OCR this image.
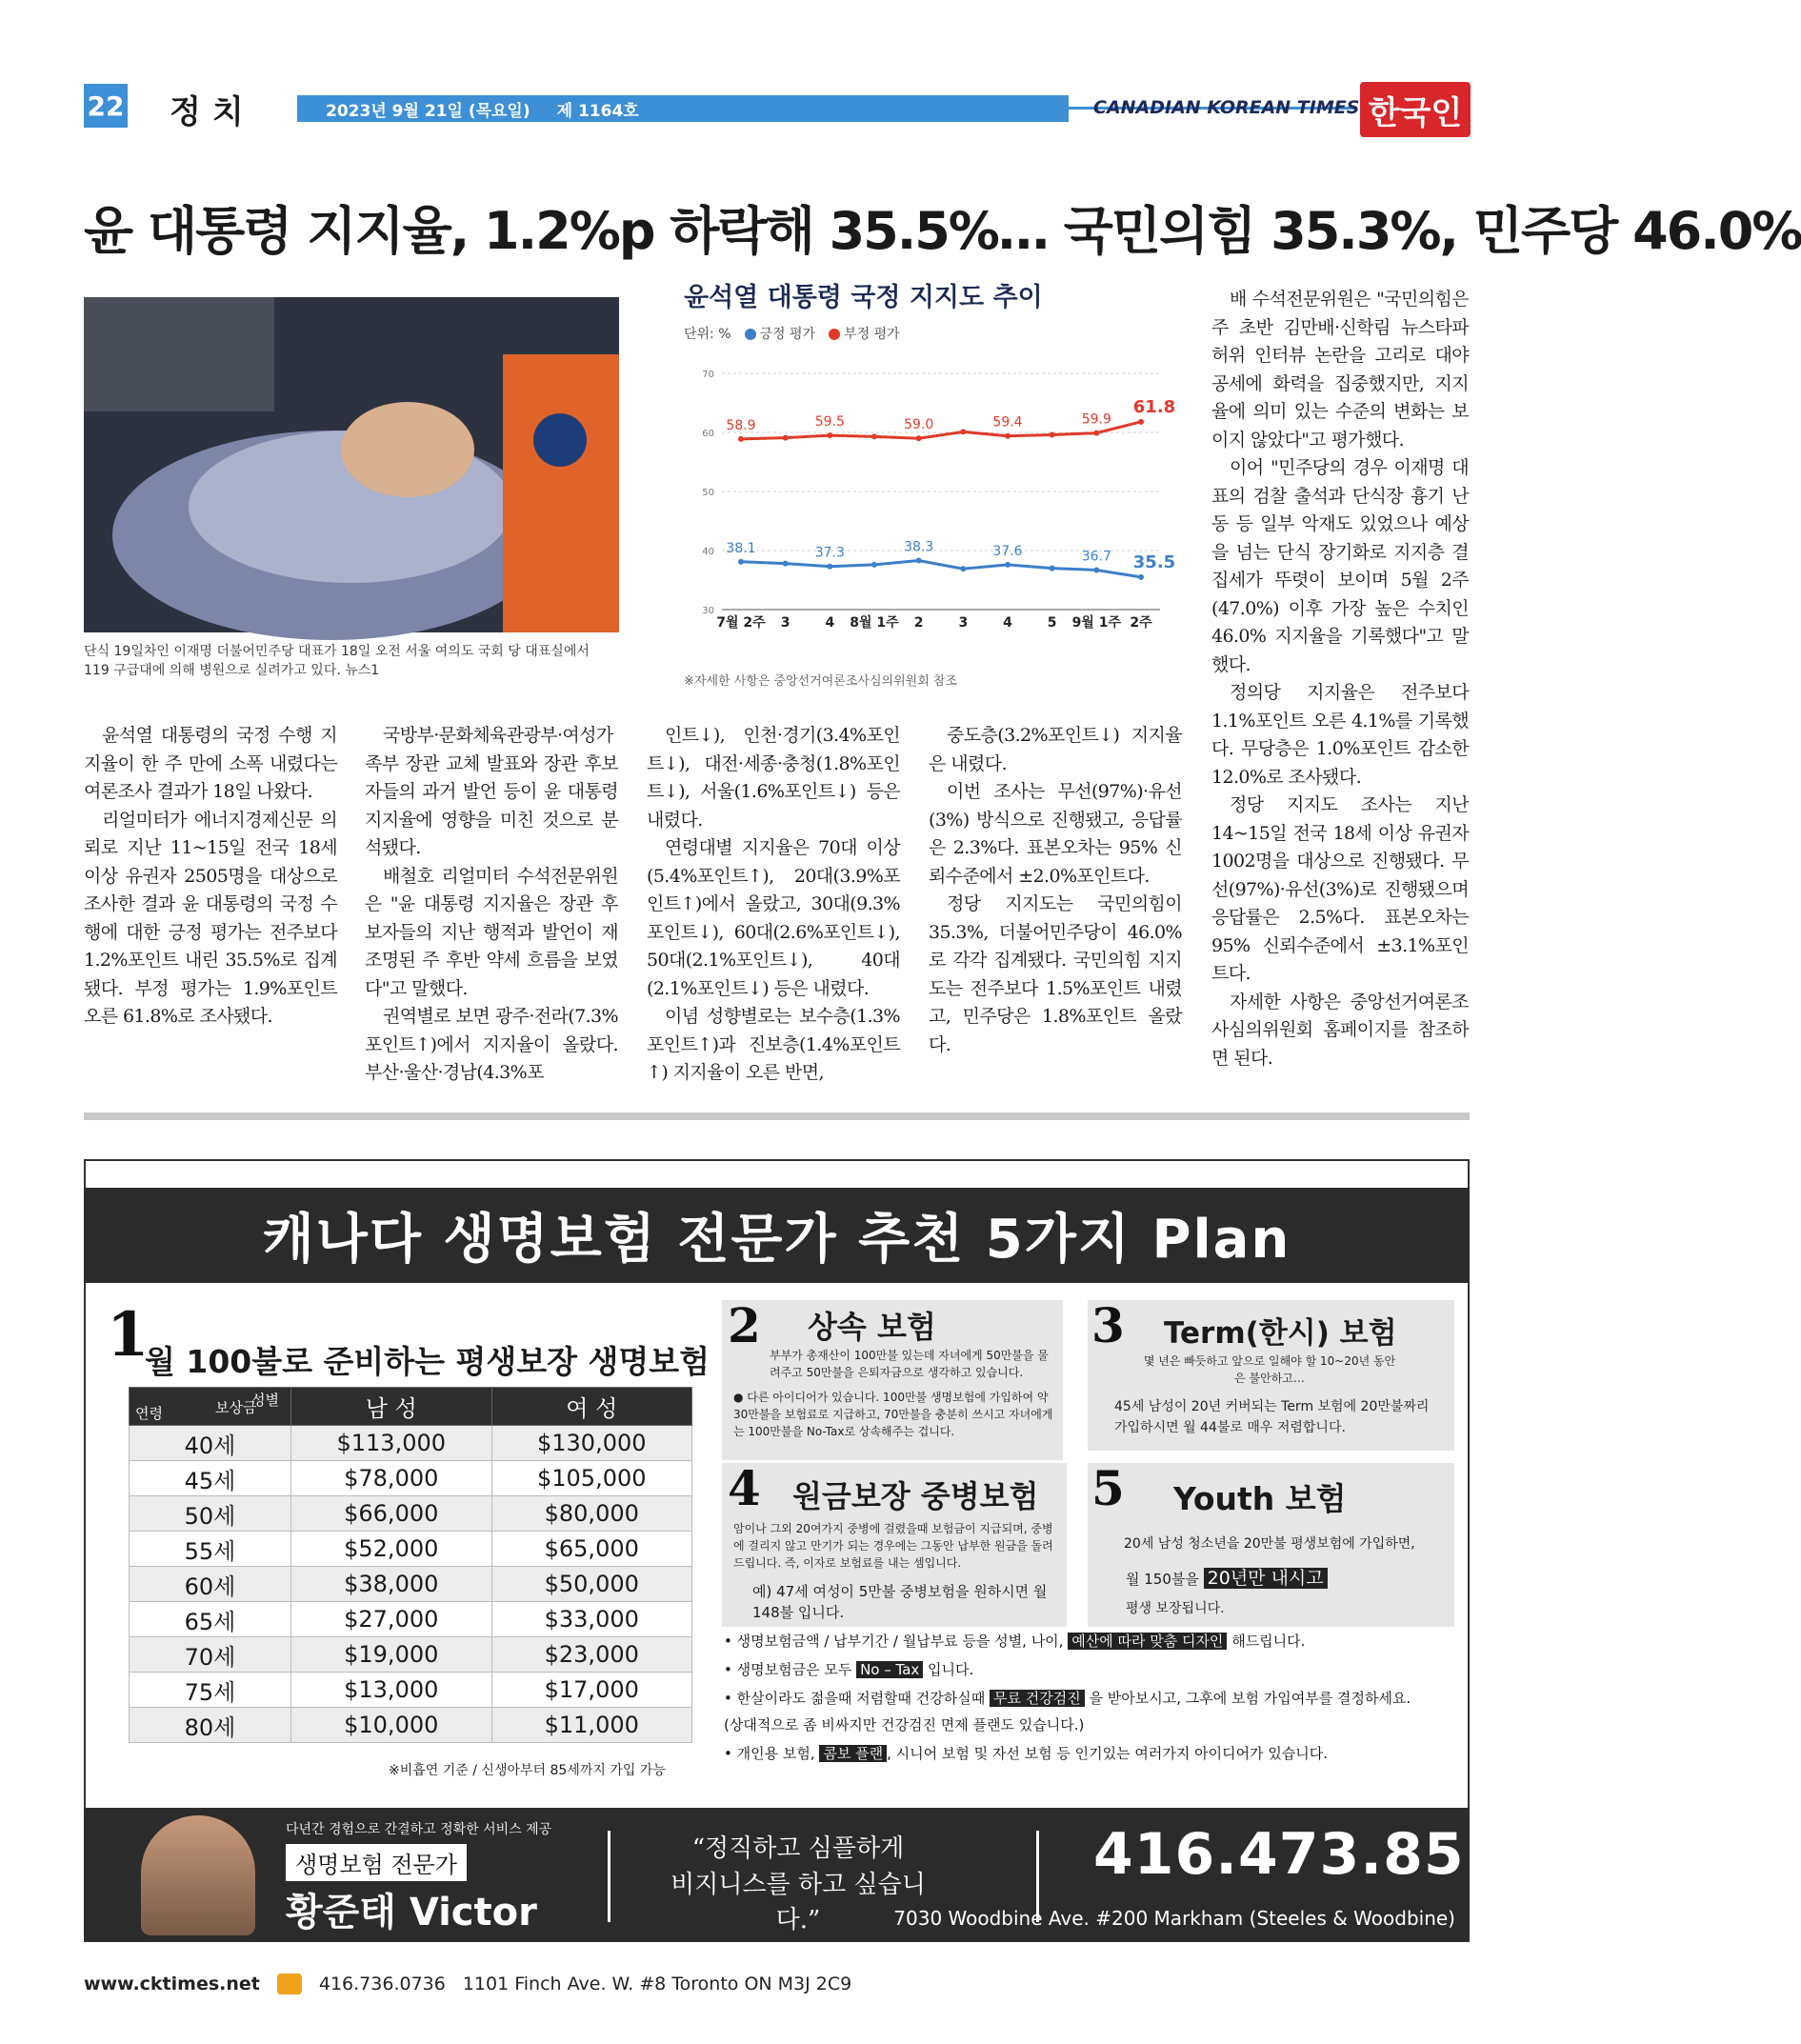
22 정치	2023년 9월 21일 (목요일) 제 1164호	CANADIAN KOREAN TIMES 한국인
윤 대통령 지지율, 1.2%p 하락해 35.5%… 국민의힘 35.3%, 민주당 46.0%
단식 19일차인 이재명 더불어민주당 대표가 18일 오전 서울 여의도 국회 당 대표실에서 119 구급대에 의해 병원으로 실려가고 있다. 뉴스1
윤석열 대통령 국정 지지도 추이
단위: %	긍정 평가	부정 평가
70
60
50
40
30
7월 2주 3	4 8월 1주 2	3	4	5 9월 1주 2주
38.1	37.3	38.3	37.6	36.7 35.5
58.9	59.5	59.0	59.4	59.9
61.8
※자세한 사항은 중앙선거여론조사심의위원회 참조

윤석열 대통령의 국정 수행 지지율이 한 주 만에 소폭 내렸다는 여론조사 결과가 18일 나왔다.

리얼미터가 에너지경제신문 의뢰로 지난 11~15일 전국 18세 이상 유권자 2505명을 대상으로 조사한 결과 윤 대통령의 국정 수행에 대한 긍정 평가는 전주보다 1.2%포인트 내린 35.5%로 집계됐다. 부정 평가는 1.9%포인트 오른 61.8%로 조사됐다.

국방부·문화체육관광부·여성가족부 장관 교체 발표와 장관 후보자들의 과거 발언 등이 윤 대통령 지지율에 영향을 미친 것으로 분석됐다.

배철호 리얼미터 수석전문위원은 "윤 대통령 지지율은 장관 후보자들의 지난 행적과 발언이 재조명된 주 후반 약세 흐름을 보였다"고 말했다.

권역별로 보면 광주·전라(7.3%포인트↑)에서 지지율이 올랐다. 부산·울산·경남(4.3%포

인트↓), 인천·경기(3.4%포인트↓), 대전·세종·충청(1.8%포인트↓), 서울(1.6%포인트↓) 등은 내렸다.

연령대별 지지율은 70대 이상(5.4%포인트↑), 20대(3.9%포인트↑)에서 올랐고, 30대(9.3%포인트↓), 60대(2.6%포인트↓), 50대(2.1%포인트↓), 40대(2.1%포인트↓) 등은 내렸다.

이념 성향별로는 보수층(1.3%포인트↑)과 진보층(1.4%포인트↑) 지지율이 오른 반면,

중도층(3.2%포인트↓) 지지율은 내렸다.

이번 조사는 무선(97%)·유선(3%) 방식으로 진행됐고, 응답률은 2.3%다. 표본오차는 95% 신뢰수준에서 ±2.0%포인트다.

정당 지지도는 국민의힘이 35.3%, 더불어민주당이 46.0%로 각각 집계됐다. 국민의힘 지지도는 전주보다 1.5%포인트 내렸고, 민주당은 1.8%포인트 올랐다.

배 수석전문위원은 "국민의힘은 주 초반 김만배·신학림 뉴스타파 허위 인터뷰 논란을 고리로 대야 공세에 화력을 집중했지만, 지지율에 의미 있는 수준의 변화는 보이지 않았다"고 평가했다.

이어 "민주당의 경우 이재명 대표의 검찰 출석과 단식장 흉기 난동 등 일부 악재도 있었으나 예상을 넘는 단식 장기화로 지지층 결집세가 뚜렷이 보이며 5월 2주(47.0%) 이후 가장 높은 수치인 46.0% 지지율을 기록했다"고 말했다.

정의당 지지율은 전주보다 1.1%포인트 오른 4.1%를 기록했다. 무당층은 1.0%포인트 감소한 12.0%로 조사됐다.

정당 지지도 조사는 지난 14~15일 전국 18세 이상 유권자 1002명을 대상으로 진행됐다. 무선(97%)·유선(3%)로 진행됐으며 응답률은 2.5%다. 표본오차는 95% 신뢰수준에서 ±3.1%포인트다.

자세한 사항은 중앙선거여론조사심의위원회 홈페이지를 참조하면 된다.

캐나다 생명보험 전문가 추천 5가지 Plan
1
월 100불로 준비하는 평생보장 생명보험
성별
연령 보상금	남 성	여 성
40세	$113,000	$130,000
45세	$78,000	$105,000
50세	$66,000	$80,000
55세	$52,000	$65,000
60세	$38,000	$50,000
65세	$27,000	$33,000
70세	$19,000	$23,000
75세	$13,000	$17,000
80세	$10,000	$11,000
※비흡연 기준 / 신생아부터 85세까지 가입 가능
2 상속 보험
부부가 총재산이 100만불 있는데 자녀에게 50만불을 물려주고 50만불을 은퇴자금으로 생각하고 있습니다.
● 다른 아이디어가 있습니다. 100만불 생명보험에 가입하여 약 30만불을 보험료로 지급하고, 70만불을 충분히 쓰시고 자녀에게는 100만불을 No-Tax로 상속해주는 겁니다.
3 Term(한시) 보험
몇 년은 빠듯하고 앞으로 일해야 할 10~20년 동안은 불안하고…
45세 남성이 20년 커버되는 Term 보험에 20만불짜리 가입하시면 월 44불로 매우 저렴합니다.
4 원금보장 중병보험
암이나 그외 20여가지 중병에 걸렸을때 보험금이 지급되며, 중병에 걸리지 않고 만기가 되는 경우에는 그동안 납부한 원금을 돌려 드립니다. 즉, 이자로 보험료를 내는 셈입니다.
예) 47세 여성이 5만불 중병보험을 원하시면 월 148불 입니다.
5 Youth 보험
20세 남성 청소년을 20만불 평생보험에 가입하면,
월 150불을 20년만 내시고
평생 보장됩니다.
• 생명보험금액 / 납부기간 / 월납부료 등을 성별, 나이, 예산에 따라 맞춤 디자인 해드립니다.
• 생명보험금은 모두 No – Tax 입니다.
• 한살이라도 젊을때 저렴할때 건강하실때 무료 건강검진 을 받아보시고, 그후에 보험 가입여부를 결정하세요.
(상대적으로 좀 비싸지만 건강검진 면제 플랜도 있습니다.)
• 개인용 보험, 콤보 플랜 , 시니어 보험 및 자선 보험 등 인기있는 여러가지 아이디어가 있습니다.
다년간 경험으로 간결하고 정확한 서비스 제공
생명보험 전문가
황준태 Victor
“정직하고 심플하게
비지니스를 하고 싶습니다.”
416.473.8510
7030 Woodbine Ave. #200 Markham (Steeles & Woodbine)
www.cktimes.net	416.736.0736 1101 Finch Ave. W. #8 Toronto ON M3J 2C9
